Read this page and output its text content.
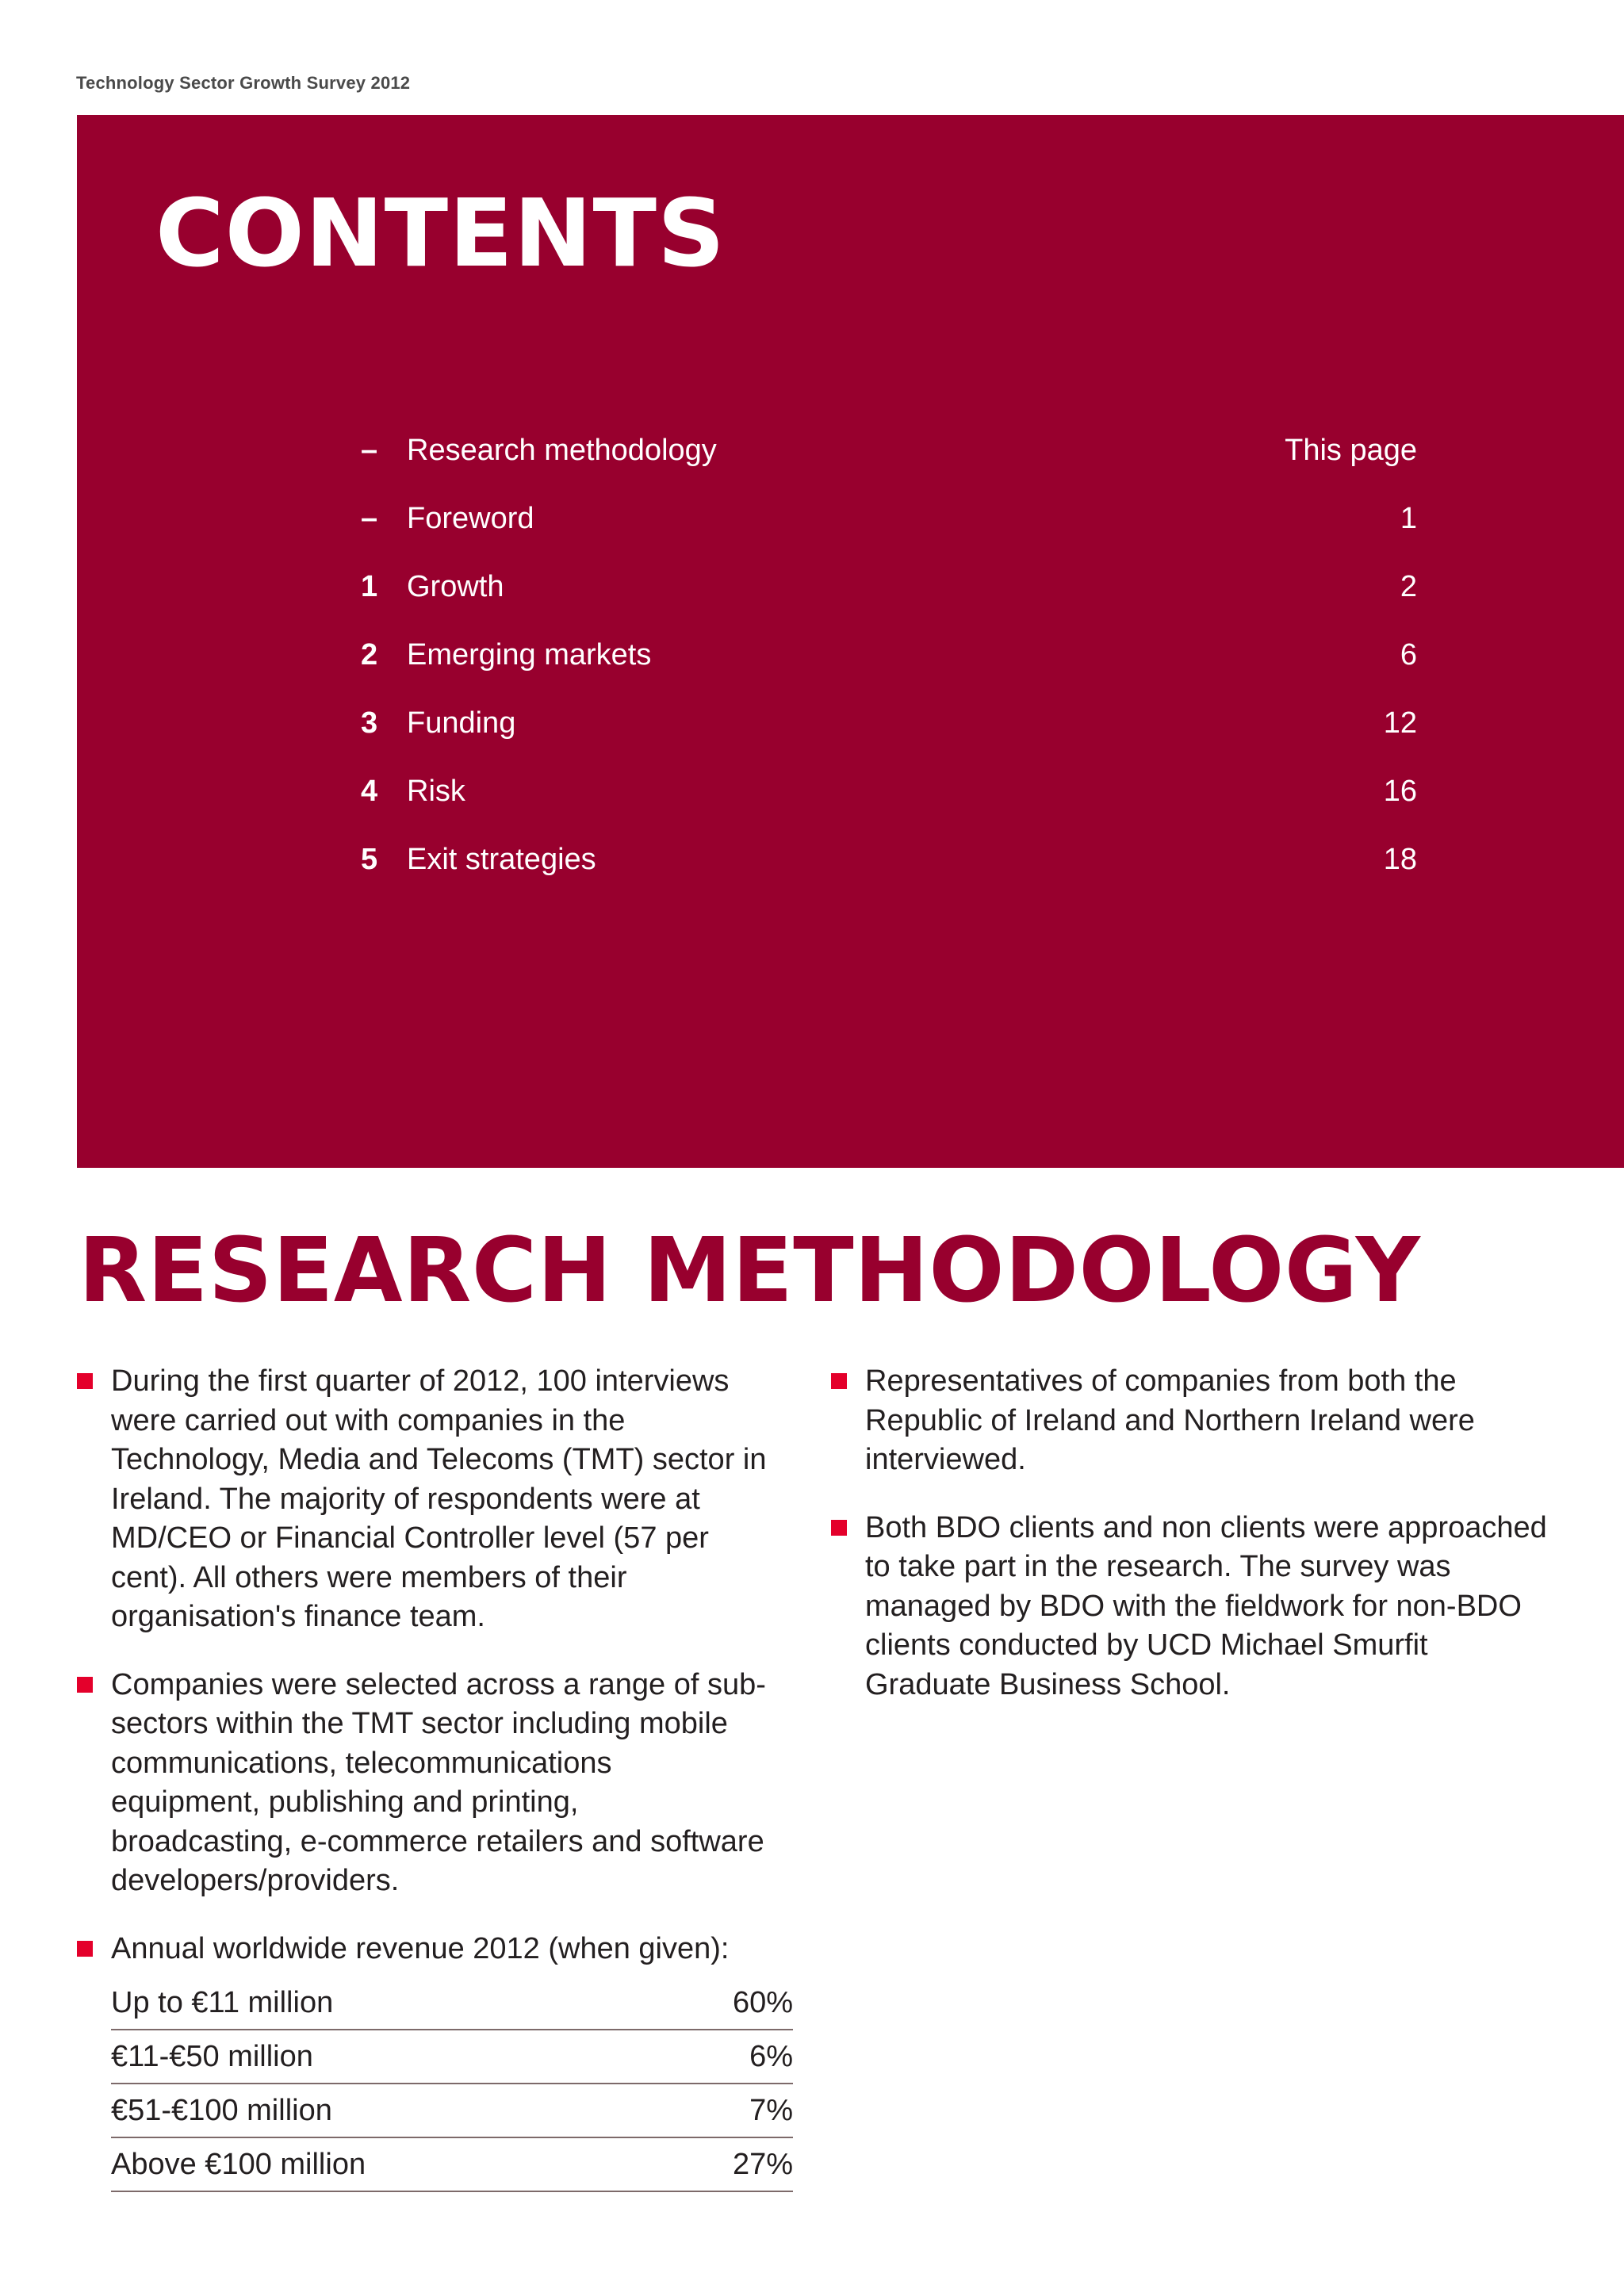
Technology Sector Growth Survey 2012
CONTENTS
– Research methodology	This page
– Foreword	1
1 Growth	2
2 Emerging markets	6
3 Funding	12
4 Risk	16
5 Exit strategies	18
RESEARCH METHODOLOGY
During the first quarter of 2012, 100 interviews were carried out with companies in the Technology, Media and Telecoms (TMT) sector in Ireland. The majority of respondents were at MD/CEO or Financial Controller level (57 per cent). All others were members of their organisation's finance team.
Companies were selected across a range of sub-sectors within the TMT sector including mobile communications, telecommunications equipment, publishing and printing, broadcasting, e-commerce retailers and software developers/providers.
Annual worldwide revenue 2012 (when given):
Up to €11 million	60%
€11-€50 million	6%
€51-€100 million	7%
Above €100 million	27%
Representatives of companies from both the Republic of Ireland and Northern Ireland were interviewed.
Both BDO clients and non clients were approached to take part in the research. The survey was managed by BDO with the fieldwork for non-BDO clients conducted by UCD Michael Smurfit Graduate Business School.
